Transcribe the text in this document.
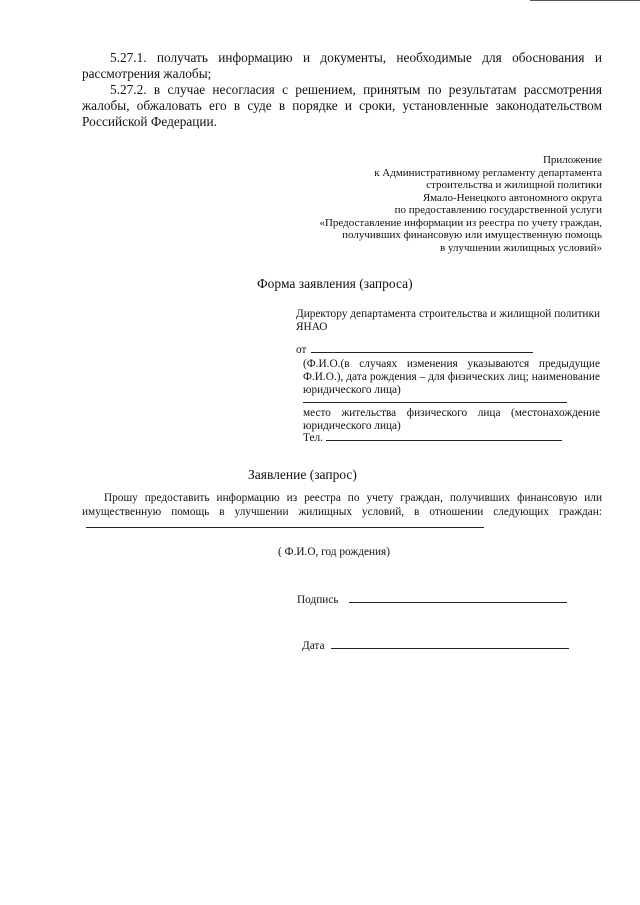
5.27.1. получать информацию и документы, необходимые для обоснования и рассмотрения жалобы;
5.27.2. в случае несогласия с решением, принятым по результатам рассмотрения жалобы, обжаловать его в суде в порядке и сроки, установленные законодательством Российской Федерации.
Приложение
к Административному регламенту департамента
строительства и жилищной политики
Ямало-Ненецкого автономного округа
по предоставлению государственной услуги
«Предоставление информации из реестра по учету граждан,
получивших финансовую или имущественную помощь
в улучшении жилищных условий»
Форма заявления (запроса)
Директору департамента строительства и жилищной политики ЯНАО
от
(Ф.И.О.(в случаях изменения указываются предыдущие Ф.И.О.), дата рождения – для физических лиц; наименование юридического лица)
место жительства физического лица (местонахождение юридического лица)
Тел.
Заявление (запрос)
Прошу предоставить информацию из реестра по учету граждан, получивших финансовую или имущественную помощь в улучшении жилищных условий, в отношении следующих граждан:
( Ф.И.О, год рождения)
Подпись
Дата
